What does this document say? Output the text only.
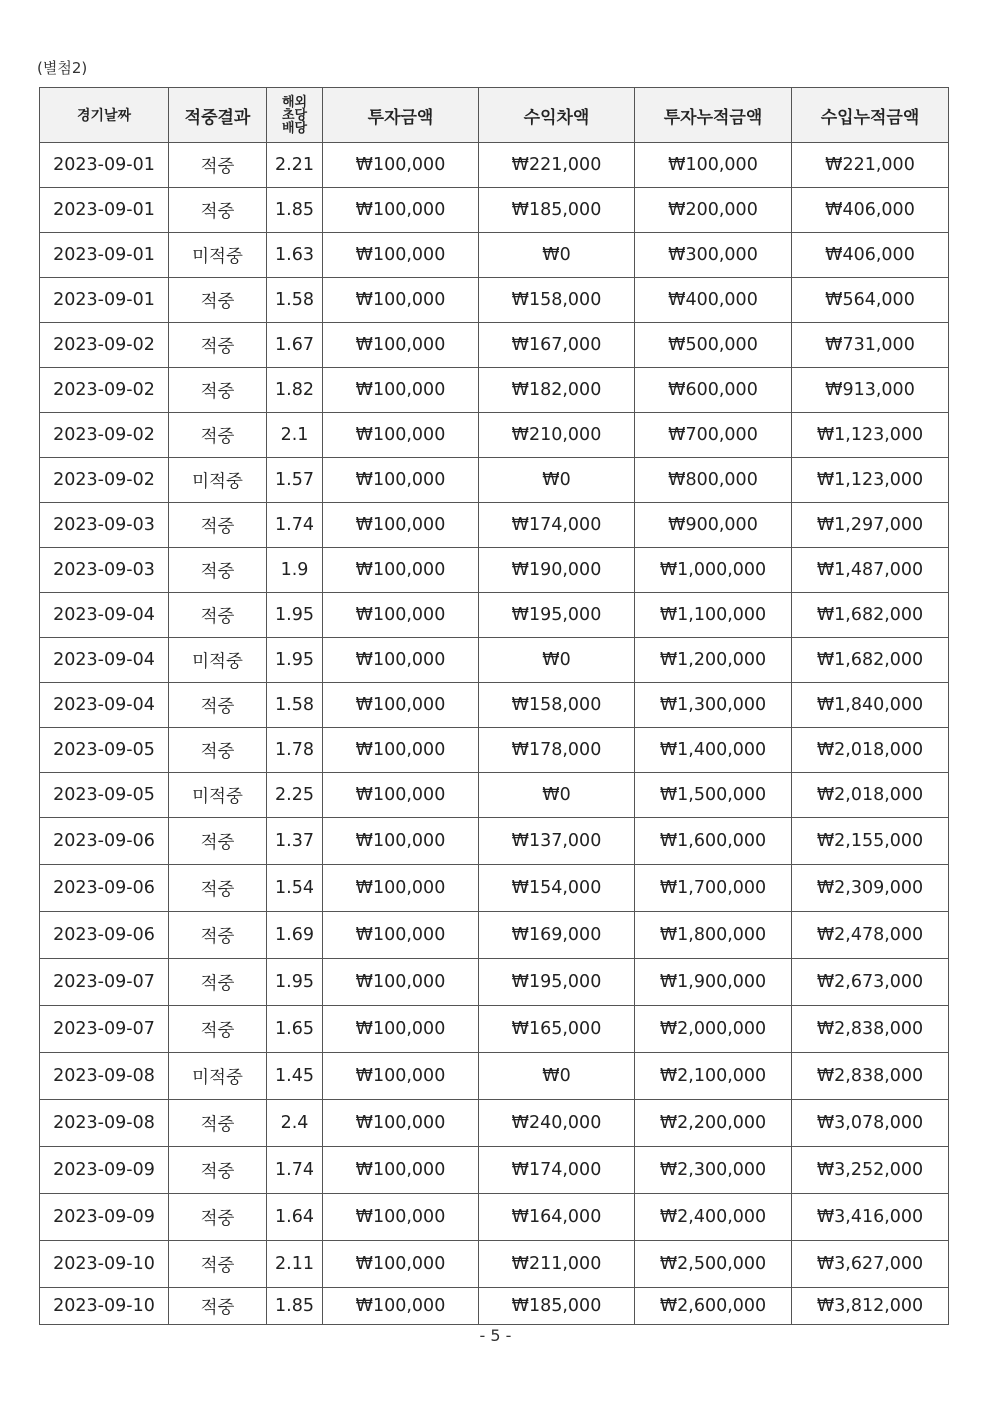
(별첨2)
경기날짜	적중결과	해외
초당
배당	투자금액	수익차액	투자누적금액	수입누적금액
2023-09-01	적중	2.21	₩100,000	₩221,000	₩100,000	₩221,000
2023-09-01	적중	1.85	₩100,000	₩185,000	₩200,000	₩406,000
2023-09-01	미적중	1.63	₩100,000	₩0	₩300,000	₩406,000
2023-09-01	적중	1.58	₩100,000	₩158,000	₩400,000	₩564,000
2023-09-02	적중	1.67	₩100,000	₩167,000	₩500,000	₩731,000
2023-09-02	적중	1.82	₩100,000	₩182,000	₩600,000	₩913,000
2023-09-02	적중	2.1	₩100,000	₩210,000	₩700,000	₩1,123,000
2023-09-02	미적중	1.57	₩100,000	₩0	₩800,000	₩1,123,000
2023-09-03	적중	1.74	₩100,000	₩174,000	₩900,000	₩1,297,000
2023-09-03	적중	1.9	₩100,000	₩190,000	₩1,000,000	₩1,487,000
2023-09-04	적중	1.95	₩100,000	₩195,000	₩1,100,000	₩1,682,000
2023-09-04	미적중	1.95	₩100,000	₩0	₩1,200,000	₩1,682,000
2023-09-04	적중	1.58	₩100,000	₩158,000	₩1,300,000	₩1,840,000
2023-09-05	적중	1.78	₩100,000	₩178,000	₩1,400,000	₩2,018,000
2023-09-05	미적중	2.25	₩100,000	₩0	₩1,500,000	₩2,018,000
2023-09-06	적중	1.37	₩100,000	₩137,000	₩1,600,000	₩2,155,000
2023-09-06	적중	1.54	₩100,000	₩154,000	₩1,700,000	₩2,309,000
2023-09-06	적중	1.69	₩100,000	₩169,000	₩1,800,000	₩2,478,000
2023-09-07	적중	1.95	₩100,000	₩195,000	₩1,900,000	₩2,673,000
2023-09-07	적중	1.65	₩100,000	₩165,000	₩2,000,000	₩2,838,000
2023-09-08	미적중	1.45	₩100,000	₩0	₩2,100,000	₩2,838,000
2023-09-08	적중	2.4	₩100,000	₩240,000	₩2,200,000	₩3,078,000
2023-09-09	적중	1.74	₩100,000	₩174,000	₩2,300,000	₩3,252,000
2023-09-09	적중	1.64	₩100,000	₩164,000	₩2,400,000	₩3,416,000
2023-09-10	적중	2.11	₩100,000	₩211,000	₩2,500,000	₩3,627,000
2023-09-10	적중	1.85	₩100,000	₩185,000	₩2,600,000	₩3,812,000
- 5 -
